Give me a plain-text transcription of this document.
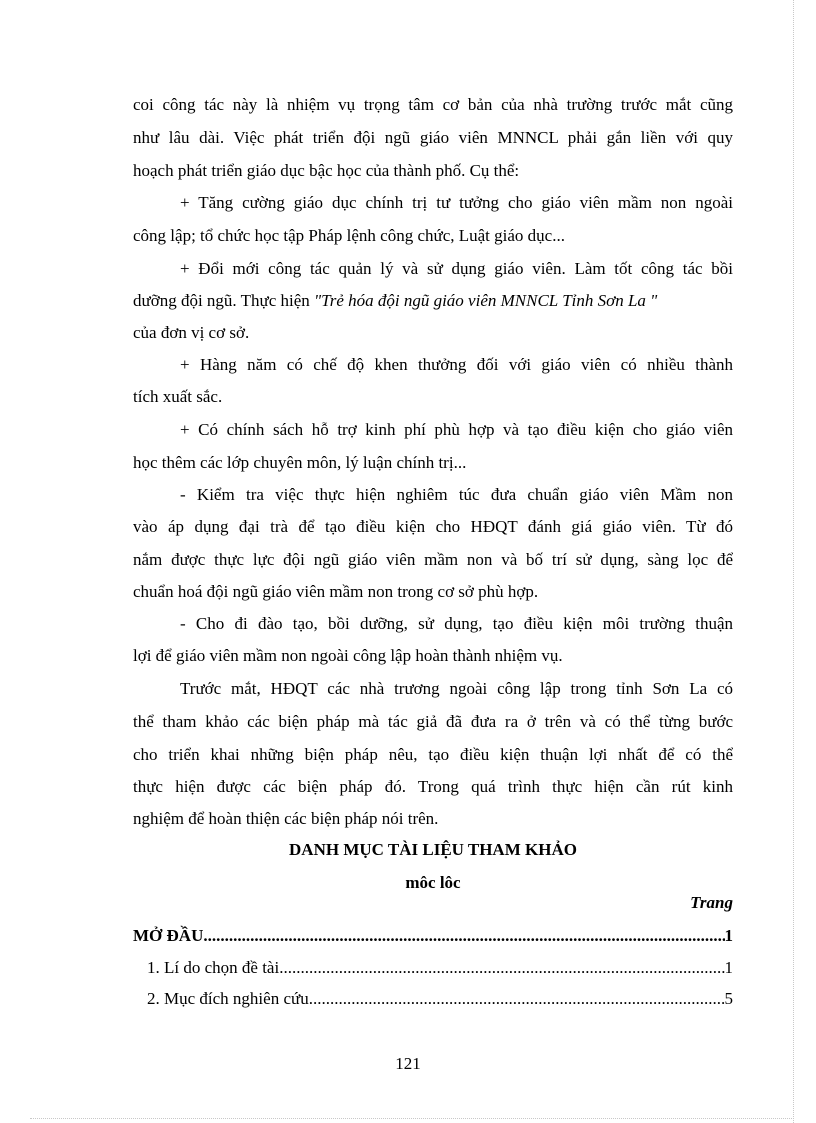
coi công tác này là nhiệm vụ trọng tâm cơ bản của nhà trường trước mắt cũng
như lâu dài. Việc phát triển đội ngũ giáo viên MNNCL phải gắn liền với quy
hoạch phát triển giáo dục bậc học của thành phố. Cụ thể:
+ Tăng cường giáo dục chính trị tư tưởng cho giáo viên mầm non ngoài
công lập; tổ chức học tập Pháp lệnh công chức, Luật giáo dục...
+ Đổi mới công tác quản lý và sử dụng giáo viên. Làm tốt công tác bồi
dưỡng đội ngũ. Thực hiện "Trẻ hóa đội ngũ giáo viên MNNCL Tỉnh Sơn La "
của đơn vị cơ sở.
+ Hàng năm có chế độ khen thưởng đối với giáo viên có nhiều thành
tích xuất sắc.
+ Có chính sách hỗ trợ kinh phí phù hợp và tạo điều kiện cho giáo viên
học thêm các lớp chuyên môn, lý luận chính trị...
- Kiểm tra việc thực hiện nghiêm túc đưa chuẩn giáo viên Mầm non
vào áp dụng đại trà để tạo điều kiện cho HĐQT đánh giá giáo viên. Từ đó
nắm được thực lực đội ngũ giáo viên mầm non và bố trí sử dụng, sàng lọc để
chuẩn hoá đội ngũ giáo viên mầm non trong cơ sở phù hợp.
- Cho đi đào tạo, bồi dưỡng, sử dụng, tạo điều kiện môi trường thuận
lợi để giáo viên mầm non ngoài công lập hoàn thành nhiệm vụ.
Trước mắt, HĐQT các nhà trương ngoài công lập trong tỉnh Sơn La có
thể tham khảo các biện pháp mà tác giả đã đưa ra ở trên và có thể từng bước
cho triển khai những biện pháp nêu, tạo điều kiện thuận lợi nhất để có thể
thực hiện được các biện pháp đó. Trong quá trình thực hiện cần rút kinh
nghiệm để hoàn thiện các biện pháp nói trên.
DANH MỤC TÀI LIỆU THAM KHẢO
môc lôc
Trang
MỞ ĐẦU .....	1
1. Lí do chọn đề tài .....	1
2. Mục đích nghiên cứu .....	5
121
